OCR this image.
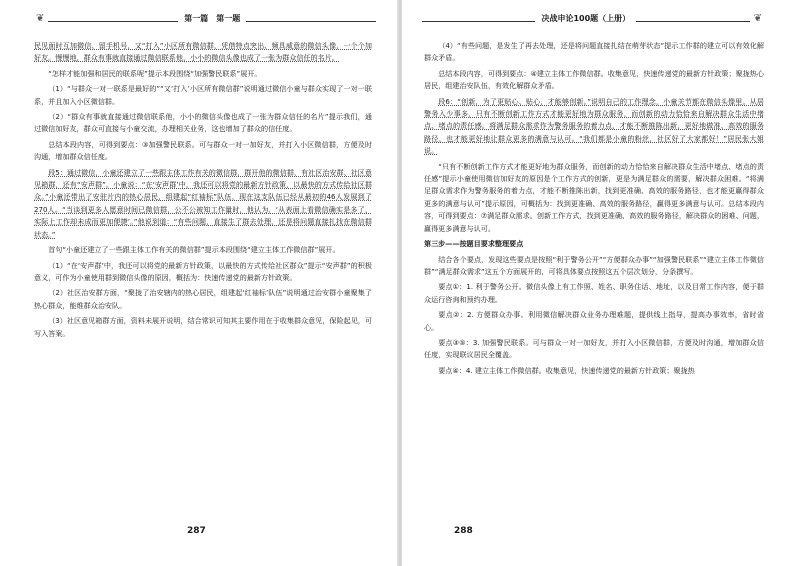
❦	第一篇　第一题

民见面时互加微信、留手机号，又“打入”小区所有微信群，凭借特点突出、频具威意的微信头像，一个个加好友。慢慢地，群众有事就直接通过微信联系他，小小的微信头像也成了一张为群众信任的名片。

“怎样才能加强和居民的联系呢”提示本段围绕“加强警民联系”展开。

（1）“与群众一对一联系是最好的”“又‘打入’小区所有微信群”说明通过微信小童与群众实现了一对一联系，并且加入小区微信群。

（2）“群众有事就直接通过微信联系他，小小的微信头像也成了一张为群众信任的名片”提示我们，通过微信加好友，群众可直接与小童交流，办理相关业务，这也增加了群众的信任度。

总结本段内容，可得到要点：③加强警民联系。可与群众一对一加好友，并打入小区微信群，方便及时沟通，增加群众信任度。

段5：通过微信，小童还建立了一些跟主体工作有关的微信群，群开他的微信群，有社区治安群、社区意见箱群，还有“安声群”。小童说：“在‘安声群’中，我还可以将党的最新方针政策，以最快的方式传给社区群众。”小童还带出了安驻片内的热心居民，组建起“红袖标”队伍，现在这支队伍已经从最初的46人发展到了270人。“当谈到更多人愿意时间已微信群，公不公被知工作量时，他认为，‘从表面上看微信确实是多了，实际上工作却未成而更加便捷’。”他说到道：“有些问题，直接生了群去处理，还是将问题直接扎找在微信群状态。”

首句“小童还建立了一些跟主体工作有关的微信群”提示本段围绕“建立主体工作微信群”展开。

（1）“在‘安声群’中，我还可以将党的最新方针政策，以最快的方式传给社区群众”提示“安声群”的积极意义，可作为小童使用群到微信头像的原因，概括为：快速传递党的最新方针政策。

（2）社区治安群方面，“聚拢了治安辖内的热心居民，组建起‘红袖标’队伍”说明通过治安群小童聚集了热心群众，能维群众治安队。

（3）社区意见箱群方面，资料未展开说明，结合常识可知其主要作用在于收集群众意见，保险起见，可写入答案。

287
决战申论100题（上册）	❦

（4）“有些问题，是发生了再去处理，还是将问题直接扎结在萌芽状态”提示工作群的建立可以有效化解群众矛盾。

总结本段内容，可得到要点：④建立主体工作微信群。收集意见，快速传递党的最新方针政策；聚拢热心居民，组建治安队伍，有效化解群众矛盾。

段6：“创新，为了更贴心、贴心，才能够创新。”说明自己的工作理念，小童关节都在微信头像里。从居警务入少事多，只有不断创新工作方式才能更好地为群众服务，而创新的动力恰恰来自解决群众生活中堵点、堵点的责任感。将满足群众需求作为警务服务的着力点，才能不断推陈出新，更好地做准、高效的服务路径，也才能更好地让群众更多的满意与认可。“我们都是小童的粉丝，社区好了大家都好！”居民张大姐说。

“只有不断创新工作方式才能更好地为群众服务，而创新的动力恰恰来自解决群众生活中堵点、堵点的责任感”提示小童使用微信加好友的原因是个工作方式的创新，更是为满足群众的需要，解决群众困难。“将满足群众需求作为警务服务的着力点，才能不断推陈出新，找到更准确、高效的服务路径，也才能更赢得群众更多的满意与认可”提示原因，可概括为：找到更准确、高效的服务路径，赢得更多满意与认可。总结本段内容，可得到要点：⑦满足群众需求。创新工作方式，找到更准确、高效的服务路径，解决群众的困难、问题，赢得更多满意与认可。

第三步——按题目要求整理要点

结合各个要点，发现这些要点是按照“利于警务公开”“方便群众办事”“加强警民联系”“建立主体工作微信群”“满足群众需求”这五个方面展开的，可将具体要点按照这五个层次划分，分条撰写。

要点①：1. 利于警务公开。微信头像上有工作照、姓名、职务住话、地址，以及目常工作内容，便于群众运行咨询和预约办理。

要点②：2. 方便群众办事。利用微信解决群众业务办理难题，提供线上指导，提高办事效率，省时省心。

要点③⑤：3. 加强警民联系。可与群众一对一加好友，并打入小区微信群，方便及时沟通，增加群众信任度，实现联议居民全覆盖。

要点④：4. 建立主体工作微信群。收集意见，快速传递党的最新方针政策；聚拢热

288
